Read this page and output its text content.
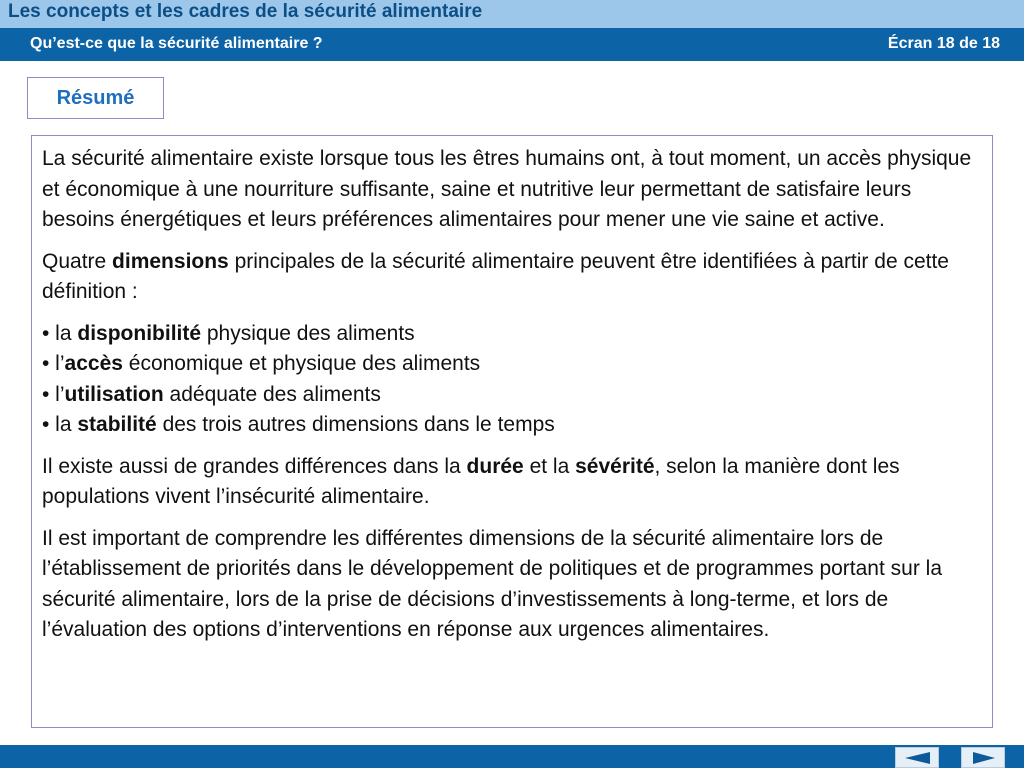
Les concepts et les cadres de la sécurité alimentaire
Qu’est-ce que la sécurité alimentaire ?	Écran 18 de 18
Résumé

La sécurité alimentaire existe lorsque tous les êtres humains ont, à tout moment, un accès physique et économique à une nourriture suffisante, saine et nutritive leur permettant de satisfaire leurs besoins énergétiques et leurs préférences alimentaires pour mener une vie saine et active.

Quatre dimensions principales de la sécurité alimentaire peuvent être identifiées à partir de cette définition :

• la disponibilité physique des aliments
• l’accès économique et physique des aliments
• l’utilisation adéquate des aliments
• la stabilité des trois autres dimensions dans le temps

Il existe aussi de grandes différences dans la durée et la sévérité, selon la manière dont les populations vivent l’insécurité alimentaire.

Il est important de comprendre les différentes dimensions de la sécurité alimentaire lors de l’établissement de priorités dans le développement de politiques et de programmes portant sur la sécurité alimentaire, lors de la prise de décisions d’investissements à long-terme, et lors de l’évaluation des options d’interventions en réponse aux urgences alimentaires.
